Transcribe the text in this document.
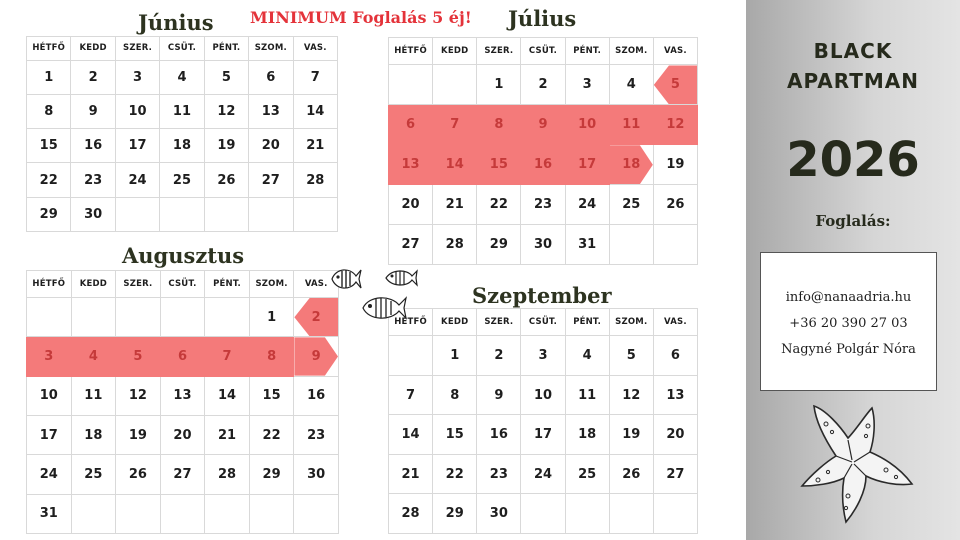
Június MINIMUM Foglalás 5 éj! Július
Augusztus
Szeptember
HÉTFŐ	KEDD	SZER.	CSÜT.	PÉNT.	SZOM.	VAS.
1	2	3	4	5	6	7
8	9	10	11	12	13	14
15	16	17	18	19	20	21
22	23	24	25	26	27	28
29	30					
HÉTFŐ	KEDD	SZER.	CSÜT.	PÉNT.	SZOM.	VAS.
		1	2	3	4	5
6	7	8	9	10	11	12
13	14	15	16	17	18	19
20	21	22	23	24	25	26
27	28	29	30	31		
HÉTFŐ	KEDD	SZER.	CSÜT.	PÉNT.	SZOM.	VAS.
					1	2
3	4	5	6	7	8	9
10	11	12	13	14	15	16
17	18	19	20	21	22	23
24	25	26	27	28	29	30
31						
HÉTFŐ	KEDD	SZER.	CSÜT.	PÉNT.	SZOM.	VAS.
	1	2	3	4	5	6
7	8	9	10	11	12	13
14	15	16	17	18	19	20
21	22	23	24	25	26	27
28	29	30				
BLACK
APARTMAN
2026
Foglalás:
info@nanaadria.hu
+36 20 390 27 03
Nagyné Polgár Nóra
